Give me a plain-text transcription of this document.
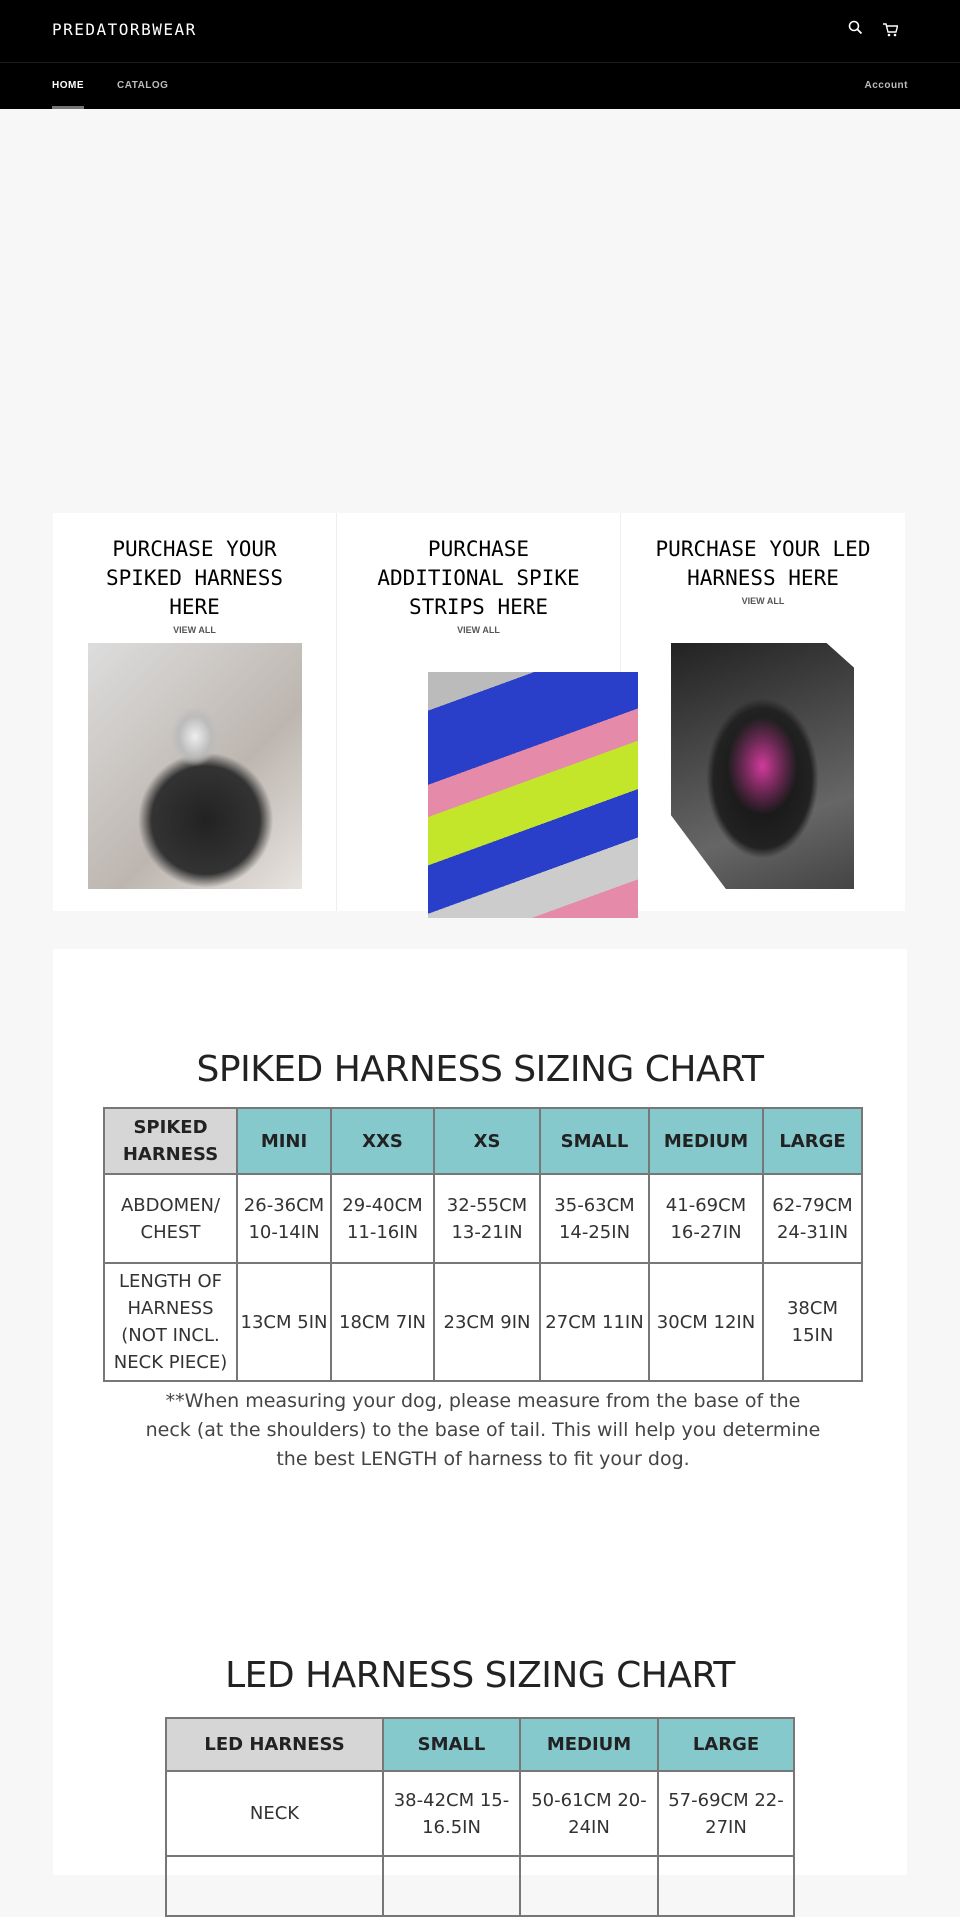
PREDATORBWEAR
HOME	CATALOG	Account
PURCHASE YOUR SPIKED HARNESS HERE
VIEW ALL
PURCHASE ADDITIONAL SPIKE STRIPS HERE
VIEW ALL
PURCHASE YOUR LED HARNESS HERE
VIEW ALL
SPIKED HARNESS SIZING CHART
SPIKED HARNESS	MINI	XXS	XS	SMALL	MEDIUM	LARGE
ABDOMEN/ CHEST	26-36CM 10-14IN	29-40CM 11-16IN	32-55CM 13-21IN	35-63CM 14-25IN	41-69CM 16-27IN	62-79CM 24-31IN
LENGTH OF HARNESS (NOT INCL. NECK PIECE)	13CM 5IN	18CM 7IN	23CM 9IN	27CM 11IN	30CM 12IN	38CM 15IN
**When measuring your dog, please measure from the base of the neck (at the shoulders) to the base of tail. This will help you determine the best LENGTH of harness to fit your dog.
LED HARNESS SIZING CHART
LED HARNESS	SMALL	MEDIUM	LARGE
NECK	38-42CM 15-16.5IN	50-61CM 20-24IN	57-69CM 22-27IN
